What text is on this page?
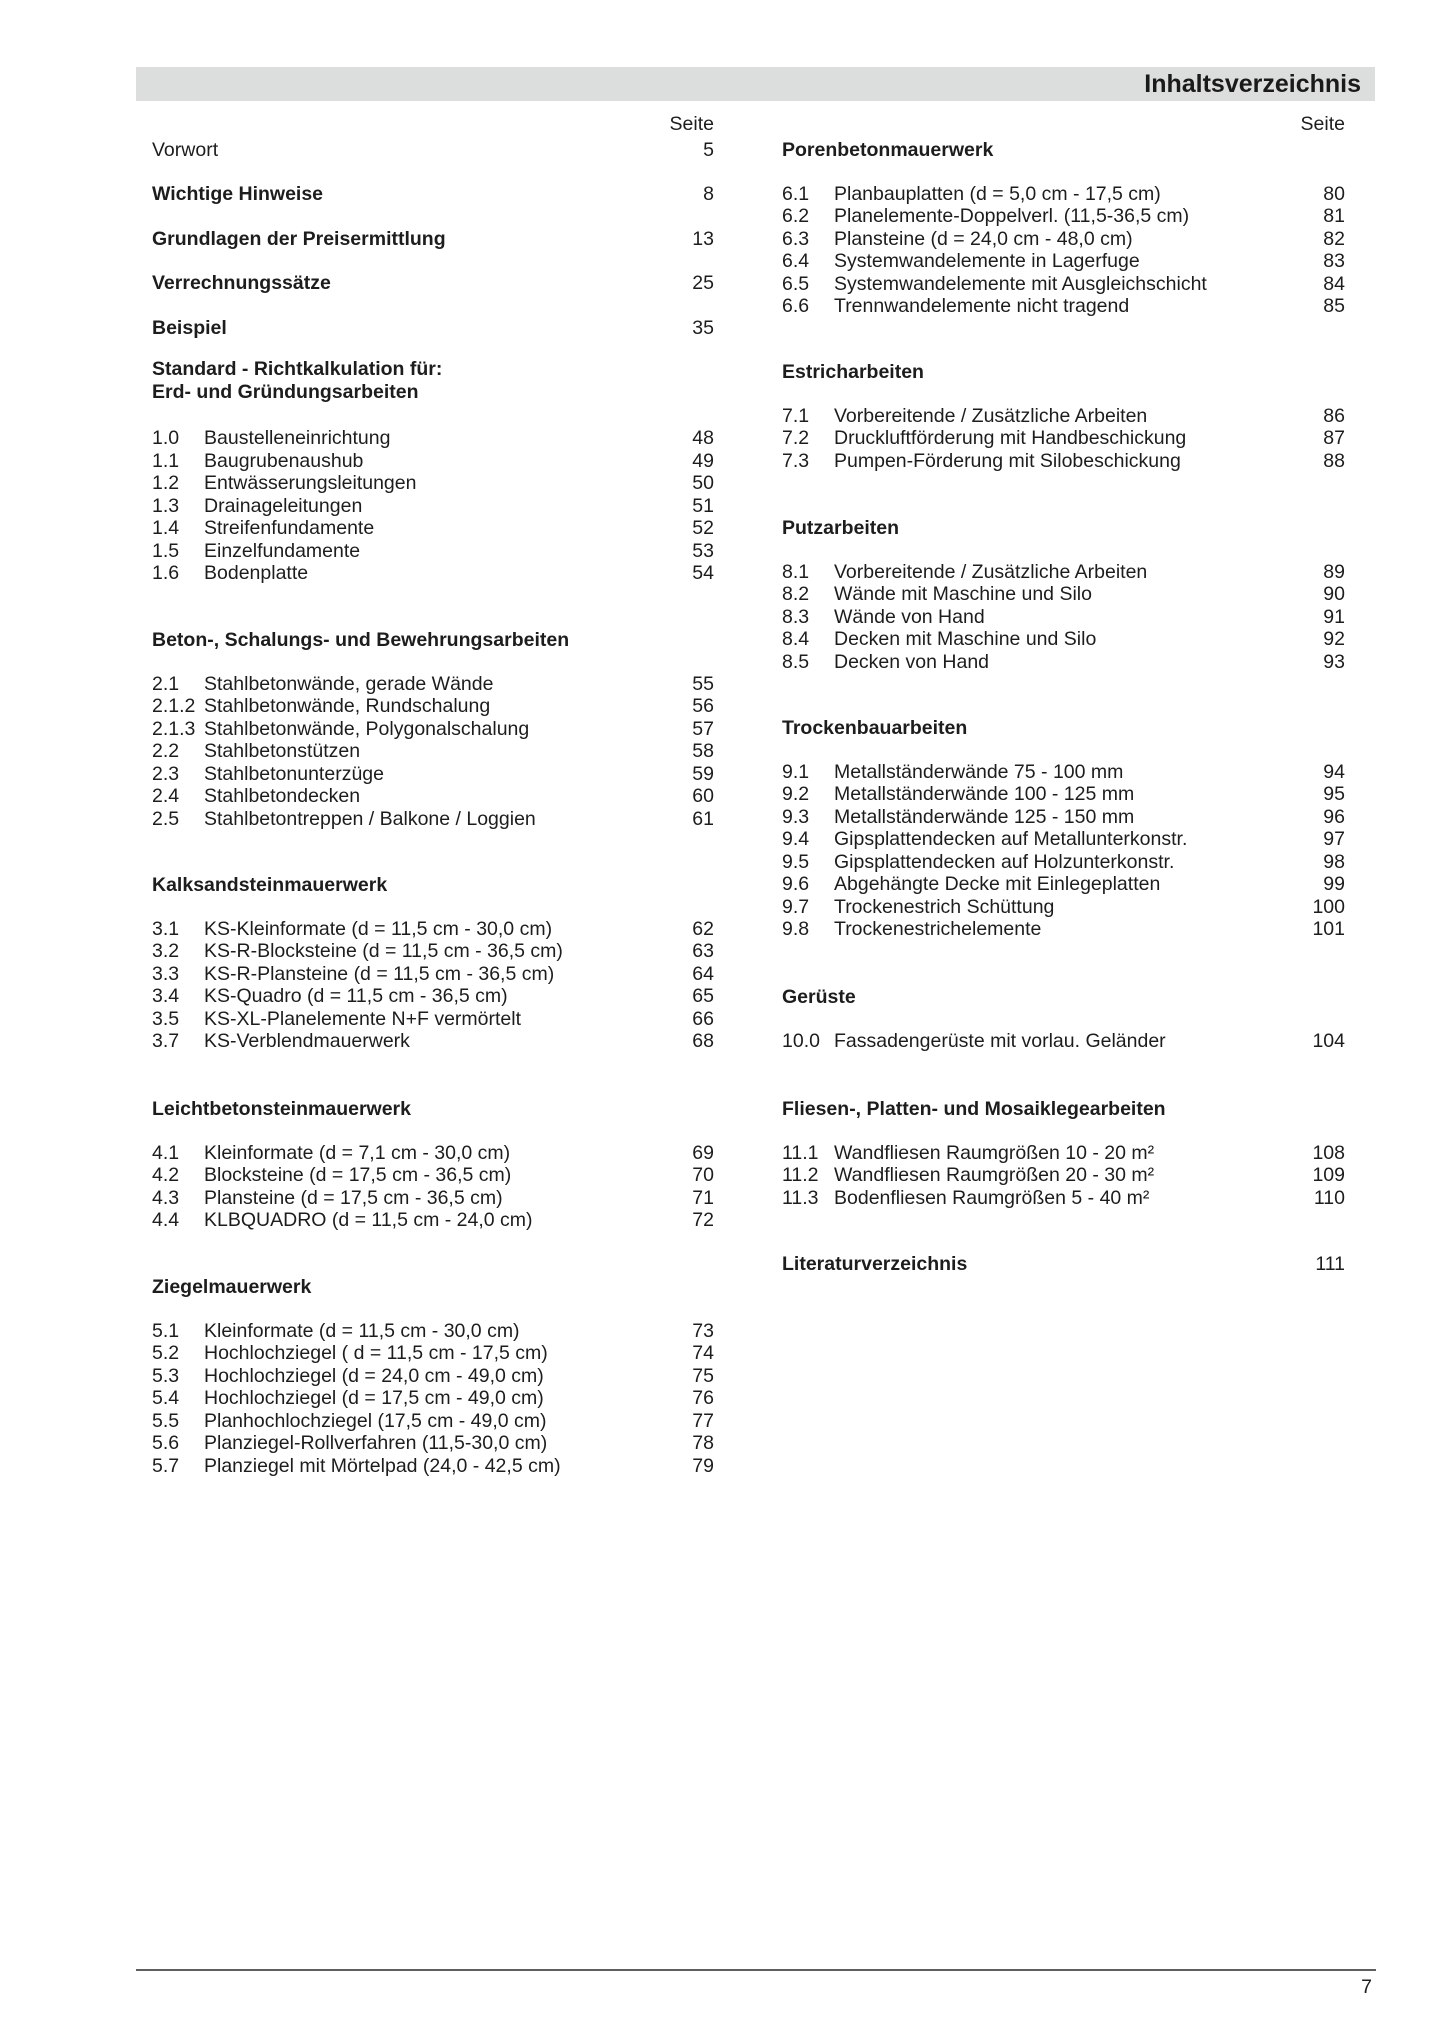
Inhaltsverzeichnis
Seite
Vorwort	5
Wichtige Hinweise	8
Grundlagen der Preisermittlung	13
Verrechnungssätze	25
Beispiel	35
Standard - Richtkalkulation für:
Erd- und Gründungsarbeiten
1.0	Baustelleneinrichtung	48
1.1	Baugrubenaushub	49
1.2	Entwässerungsleitungen	50
1.3	Drainageleitungen	51
1.4	Streifenfundamente	52
1.5	Einzelfundamente	53
1.6	Bodenplatte	54
Beton-, Schalungs- und Bewehrungsarbeiten
2.1	Stahlbetonwände, gerade Wände	55
2.1.2 Stahlbetonwände, Rundschalung	56
2.1.3 Stahlbetonwände, Polygonalschalung	57
2.2	Stahlbetonstützen	58
2.3	Stahlbetonunterzüge	59
2.4	Stahlbetondecken	60
2.5	Stahlbetontreppen / Balkone / Loggien	61
Kalksandsteinmauerwerk
3.1	KS-Kleinformate (d = 11,5 cm - 30,0 cm)	62
3.2	KS-R-Blocksteine (d = 11,5 cm - 36,5 cm)	63
3.3	KS-R-Plansteine (d = 11,5 cm - 36,5 cm)	64
3.4	KS-Quadro (d = 11,5 cm - 36,5 cm)	65
3.5	KS-XL-Planelemente N+F vermörtelt	66
3.7	KS-Verblendmauerwerk	68
Leichtbetonsteinmauerwerk
4.1	Kleinformate (d = 7,1 cm - 30,0 cm)	69
4.2	Blocksteine (d = 17,5 cm - 36,5 cm)	70
4.3	Plansteine (d = 17,5 cm - 36,5 cm)	71
4.4	KLBQUADRO (d = 11,5 cm - 24,0 cm)	72
Ziegelmauerwerk
5.1	Kleinformate (d = 11,5 cm - 30,0 cm)	73
5.2	Hochlochziegel ( d = 11,5 cm - 17,5 cm)	74
5.3	Hochlochziegel (d = 24,0 cm - 49,0 cm)	75
5.4	Hochlochziegel (d = 17,5 cm - 49,0 cm)	76
5.5	Planhochlochziegel (17,5 cm - 49,0 cm)	77
5.6	Planziegel-Rollverfahren (11,5-30,0 cm)	78
5.7	Planziegel mit Mörtelpad (24,0 - 42,5 cm)	79
Seite
Porenbetonmauerwerk
6.1	Planbauplatten (d = 5,0 cm - 17,5 cm)	80
6.2	Planelemente-Doppelverl. (11,5-36,5 cm)	81
6.3	Plansteine (d = 24,0 cm - 48,0 cm)	82
6.4	Systemwandelemente in Lagerfuge	83
6.5	Systemwandelemente mit Ausgleichschicht	84
6.6	Trennwandelemente nicht tragend	85
Estricharbeiten
7.1	Vorbereitende / Zusätzliche Arbeiten	86
7.2	Druckluftförderung mit Handbeschickung	87
7.3	Pumpen-Förderung mit Silobeschickung	88
Putzarbeiten
8.1	Vorbereitende / Zusätzliche Arbeiten	89
8.2	Wände mit Maschine und Silo	90
8.3	Wände von Hand	91
8.4	Decken mit Maschine und Silo	92
8.5	Decken von Hand	93
Trockenbauarbeiten
9.1	Metallständerwände 75 - 100 mm	94
9.2	Metallständerwände 100 - 125 mm	95
9.3	Metallständerwände 125 - 150 mm	96
9.4	Gipsplattendecken auf Metallunterkonstr.	97
9.5	Gipsplattendecken auf Holzunterkonstr.	98
9.6	Abgehängte Decke mit Einlegeplatten	99
9.7	Trockenestrich Schüttung	100
9.8	Trockenestrichelemente	101
Gerüste
10.0 Fassadengerüste mit vorlau. Geländer	104
Fliesen-, Platten- und Mosaiklegearbeiten
11.1 Wandfliesen Raumgrößen 10 - 20 m²	108
11.2 Wandfliesen Raumgrößen 20 - 30 m²	109
11.3 Bodenfliesen Raumgrößen 5 - 40 m²	110
Literaturverzeichnis	111
7
